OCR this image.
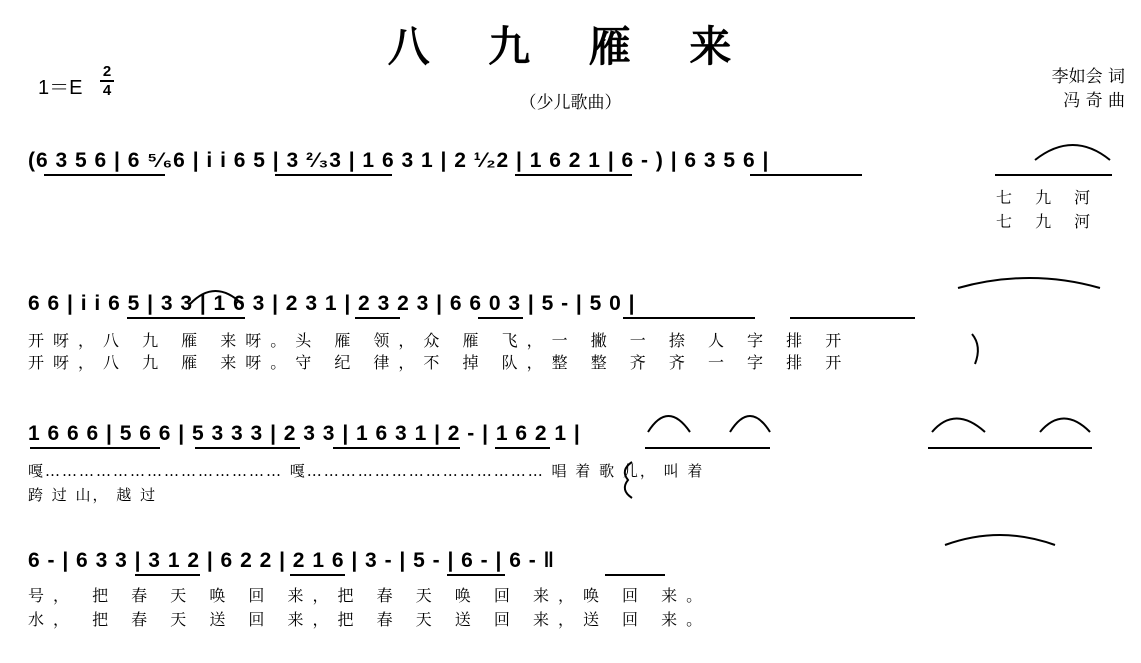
八 九 雁 来
（少儿歌曲）
1＝E
2
4
李如会 词
冯 奇 曲
(6 3 5 6 | 6 ⁵⁄₆6 | i i 6 5 | 3 ²⁄₃3 | 1 6 3 1 | 2 ¹⁄₂2 | 1 6 2 1 | 6 - ) | 6 3 5 6 |
七 九 河
七 九 河
6 6 | i i 6 5 | 3 3 | 1 6 3 | 2 3 1 | 2 3 2 3 | 6 6 0 3 | 5 - | 5 0 |
开呀，八 九 雁 来呀。头 雁 领，众 雁 飞，一 撇 一 捺 人 字 排 开
开呀，八 九 雁 来呀。守 纪 律，不 掉 队，整 整 齐 齐 一 字 排 开
1 6 6 6 | 5 6 6 | 5 3 3 3 | 2 3 3 | 1 6 3 1 | 2 - | 1 6 2 1 |
嘎…………………………………… 嘎…………………………………… 唱 着 歌 儿， 叫 着
跨 过 山， 越 过
6 - | 6 3 3 | 3 1 2 | 6 2 2 | 2 1 6 | 3 - | 5 - | 6 - | 6 - ‖
号， 把 春 天 唤 回 来，把 春 天 唤 回 来，唤 回 来。
水， 把 春 天 送 回 来，把 春 天 送 回 来，送 回 来。
